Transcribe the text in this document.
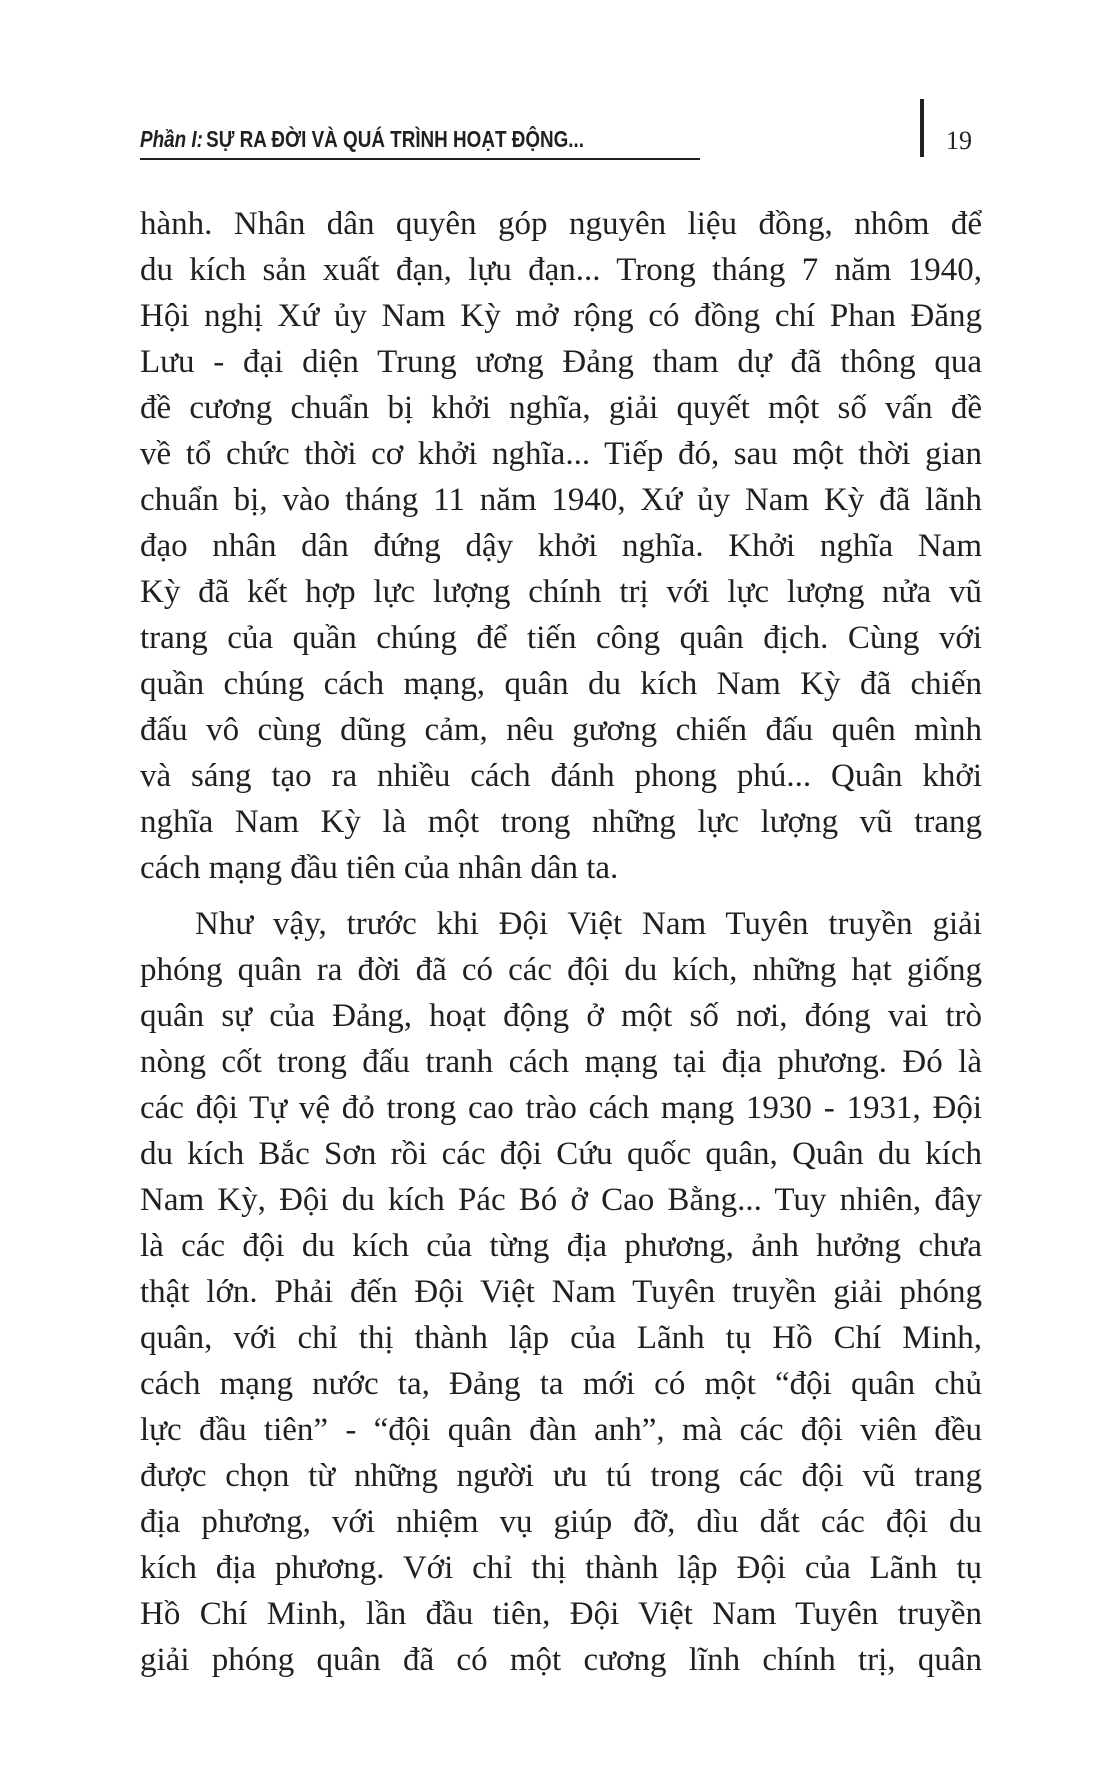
Phần I: SỰ RA ĐỜI VÀ QUÁ TRÌNH HOẠT ĐỘNG...	19
hành. Nhân dân quyên góp nguyên liệu đồng, nhôm để
du kích sản xuất đạn, lựu đạn... Trong tháng 7 năm 1940,
Hội nghị Xứ ủy Nam Kỳ mở rộng có đồng chí Phan Đăng
Lưu - đại diện Trung ương Đảng tham dự đã thông qua
đề cương chuẩn bị khởi nghĩa, giải quyết một số vấn đề
về tổ chức thời cơ khởi nghĩa... Tiếp đó, sau một thời gian
chuẩn bị, vào tháng 11 năm 1940, Xứ ủy Nam Kỳ đã lãnh
đạo nhân dân đứng dậy khởi nghĩa. Khởi nghĩa Nam
Kỳ đã kết hợp lực lượng chính trị với lực lượng nửa vũ
trang của quần chúng để tiến công quân địch. Cùng với
quần chúng cách mạng, quân du kích Nam Kỳ đã chiến
đấu vô cùng dũng cảm, nêu gương chiến đấu quên mình
và sáng tạo ra nhiều cách đánh phong phú... Quân khởi
nghĩa Nam Kỳ là một trong những lực lượng vũ trang
cách mạng đầu tiên của nhân dân ta.
Như vậy, trước khi Đội Việt Nam Tuyên truyền giải
phóng quân ra đời đã có các đội du kích, những hạt giống
quân sự của Đảng, hoạt động ở một số nơi, đóng vai trò
nòng cốt trong đấu tranh cách mạng tại địa phương. Đó là
các đội Tự vệ đỏ trong cao trào cách mạng 1930 - 1931, Đội
du kích Bắc Sơn rồi các đội Cứu quốc quân, Quân du kích
Nam Kỳ, Đội du kích Pác Bó ở Cao Bằng... Tuy nhiên, đây
là các đội du kích của từng địa phương, ảnh hưởng chưa
thật lớn. Phải đến Đội Việt Nam Tuyên truyền giải phóng
quân, với chỉ thị thành lập của Lãnh tụ Hồ Chí Minh,
cách mạng nước ta, Đảng ta mới có một “đội quân chủ
lực đầu tiên” - “đội quân đàn anh”, mà các đội viên đều
được chọn từ những người ưu tú trong các đội vũ trang
địa phương, với nhiệm vụ giúp đỡ, dìu dắt các đội du
kích địa phương. Với chỉ thị thành lập Đội của Lãnh tụ
Hồ Chí Minh, lần đầu tiên, Đội Việt Nam Tuyên truyền
giải phóng quân đã có một cương lĩnh chính trị, quân
